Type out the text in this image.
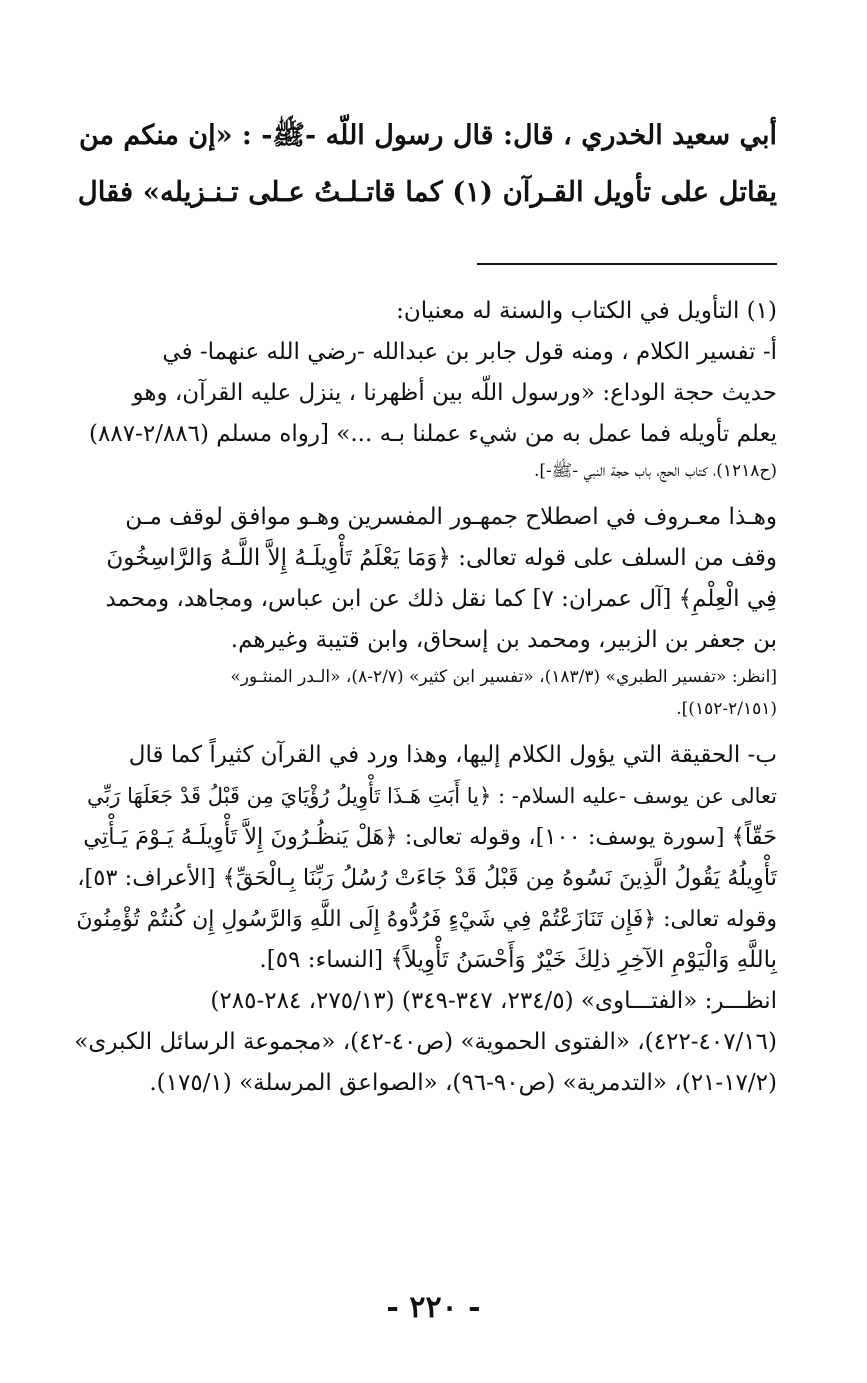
أبي سعيد الخدري ، قال: قال رسول اللّه -ﷺ- : «إن منكم من

يقاتل على تأويل القـرآن (١) كما قاتـلـتُ عـلى تـنـزيله» فقال

(١) التأويل في الكتاب والسنة له معنيان:

أ- تفسير الكلام ، ومنه قول جابر بن عبدالله -رضي الله عنهما- في

حديث حجة الوداع: «ورسول اللّه بين أظهرنا ، ينزل عليه القرآن، وهو

يعلم تأويله فما عمل به من شيء عملنا بـه ...» [رواه مسلم (٢/٨٨٦-٨٨٧)

(ح١٢١٨)، كتاب الحج، باب حجة النبي -ﷺ-].

وهـذا معـروف في اصطلاح جمهـور المفسرين وهـو موافق لوقف مـن

وقف من السلف على قوله تعالى: ﴿وَمَا يَعْلَمُ تَأْوِيلَـهُ إِلاَّ اللَّـهُ وَالرَّاسِخُونَ

فِي الْعِلْمِ﴾ [آل عمران: ٧] كما نقل ذلك عن ابن عباس، ومجاهد، ومحمد

بن جعفر بن الزبير، ومحمد بن إسحاق، وابن قتيبة وغيرهم.

[انظر: «تفسير الطبري» (١٨٣/٣)، «تفسير ابن كثير» (٢/٧-٨)، «الـدر المنثـور»

(٢/١٥١-١٥٢)].

ب- الحقيقة التي يؤول الكلام إليها، وهذا ورد في القرآن كثيراً كما قال

تعالى عن يوسف -عليه السلام- : ﴿يا أَبَتِ هَـذَا تَأْوِيلُ رُؤْيَايَ مِن قَبْلُ قَدْ جَعَلَهَا رَبِّي

حَقّاً﴾ [سورة يوسف: ١٠٠]، وقوله تعالى: ﴿هَلْ يَنظُـرُونَ إِلاَّ تَأْوِيلَـهُ يَـوْمَ يَـأْتِي

تَأْوِيلُهُ يَقُولُ الَّذِينَ نَسُوهُ مِن قَبْلُ قَدْ جَاءَتْ رُسُلُ رَبِّنَا بِـالْحَقِّ﴾ [الأعراف: ٥٣]،

وقوله تعالى: ﴿فَإِن تَنَازَعْتُمْ فِي شَيْءٍ فَرُدُّوهُ إِلَى اللَّهِ وَالرَّسُولِ إِن كُنتُمْ تُؤْمِنُونَ

بِاللَّهِ وَالْيَوْمِ الآخِرِ ذلِكَ خَيْرٌ وَأَحْسَنُ تَأْوِيلاً﴾ [النساء: ٥٩].

انظـــر: «الفتـــاوى» (٢٣٤/٥، ٣٤٧-٣٤٩) (٢٧٥/١٣، ٢٨٤-٢٨٥)

(٤٠٧/١٦-٤٢٢)، «الفتوى الحموية» (ص٤٠-٤٢)، «مجموعة الرسائل الكبرى»

(١٧/٢-٢١)، «التدمرية» (ص٩٠-٩٦)، «الصواعق المرسلة» (١٧٥/١).

- ٢٢٠ -
